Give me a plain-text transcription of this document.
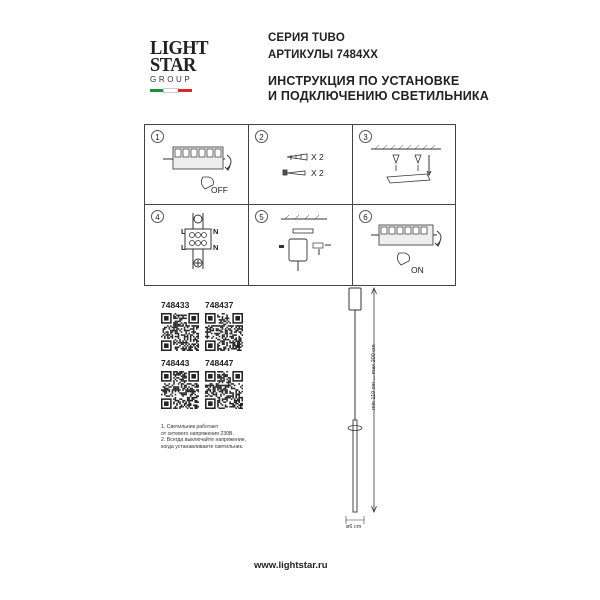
LIGHT
STAR
GROUP
СЕРИЯ TUBO
АРТИКУЛЫ 7484XX
ИНСТРУКЦИЯ ПО УСТАНОВКЕ
И ПОДКЛЮЧЕНИЮ СВЕТИЛЬНИКА
1
OFF
2
X 2
X 2
3
4
L	N
L	N
5	6
ON
748433 748437
748443 748447
1. Светильник работает
от сетевого напряжения 230В.
2. Всегда выключайте напряжение,
когда устанавливаете светильник.
min 110 cm ... max 200 cm
ø6 cm
www.lightstar.ru
